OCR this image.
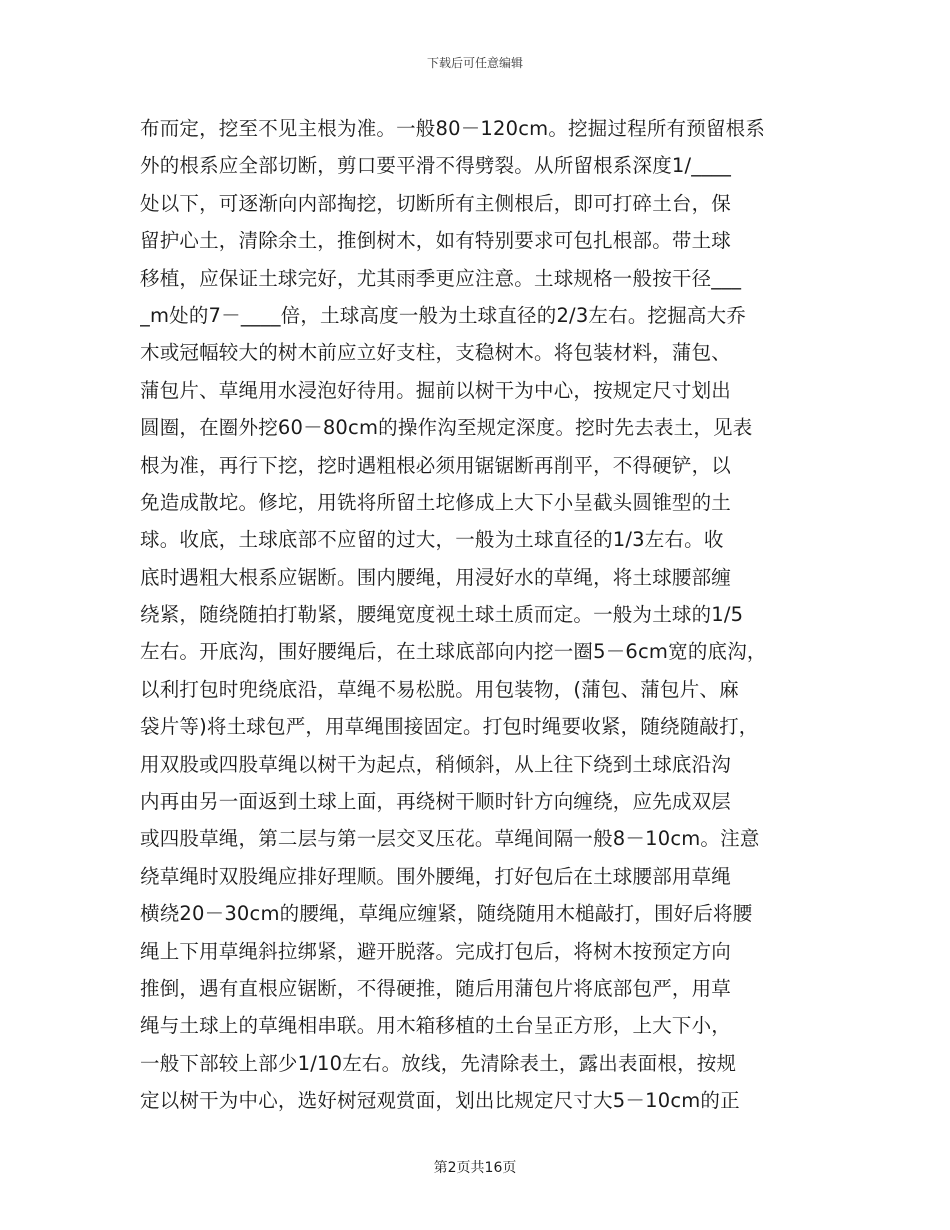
下载后可任意编辑
布而定，挖至不见主根为准。一般80－120cm。挖掘过程所有预留根系
外的根系应全部切断，剪口要平滑不得劈裂。从所留根系深度1/____
处以下，可逐渐向内部掏挖，切断所有主侧根后，即可打碎土台，保
留护心土，清除余土，推倒树木，如有特别要求可包扎根部。带土球
移植，应保证土球完好，尤其雨季更应注意。土球规格一般按干径___
_m处的7－____倍，土球高度一般为土球直径的2/3左右。挖掘高大乔
木或冠幅较大的树木前应立好支柱，支稳树木。将包装材料，蒲包、
蒲包片、草绳用水浸泡好待用。掘前以树干为中心，按规定尺寸划出
圆圈，在圈外挖60－80cm的操作沟至规定深度。挖时先去表土，见表
根为准，再行下挖，挖时遇粗根必须用锯锯断再削平，不得硬铲，以
免造成散坨。修坨，用铣将所留土坨修成上大下小呈截头圆锥型的土
球。收底，土球底部不应留的过大，一般为土球直径的1/3左右。收
底时遇粗大根系应锯断。围内腰绳，用浸好水的草绳，将土球腰部缠
绕紧，随绕随拍打勒紧，腰绳宽度视土球土质而定。一般为土球的1/5
左右。开底沟，围好腰绳后，在土球底部向内挖一圈5－6cm宽的底沟，
以利打包时兜绕底沿，草绳不易松脱。用包装物，(蒲包、蒲包片、麻
袋片等)将土球包严，用草绳围接固定。打包时绳要收紧，随绕随敲打，
用双股或四股草绳以树干为起点，稍倾斜，从上往下绕到土球底沿沟
内再由另一面返到土球上面，再绕树干顺时针方向缠绕，应先成双层
或四股草绳，第二层与第一层交叉压花。草绳间隔一般8－10cm。注意
绕草绳时双股绳应排好理顺。围外腰绳，打好包后在土球腰部用草绳
横绕20－30cm的腰绳，草绳应缠紧，随绕随用木槌敲打，围好后将腰
绳上下用草绳斜拉绑紧，避开脱落。完成打包后，将树木按预定方向
推倒，遇有直根应锯断，不得硬推，随后用蒲包片将底部包严，用草
绳与土球上的草绳相串联。用木箱移植的土台呈正方形，上大下小，
一般下部较上部少1/10左右。放线，先清除表土，露出表面根，按规
定以树干为中心，选好树冠观赏面，划出比规定尺寸大5－10cm的正
第2页共16页
